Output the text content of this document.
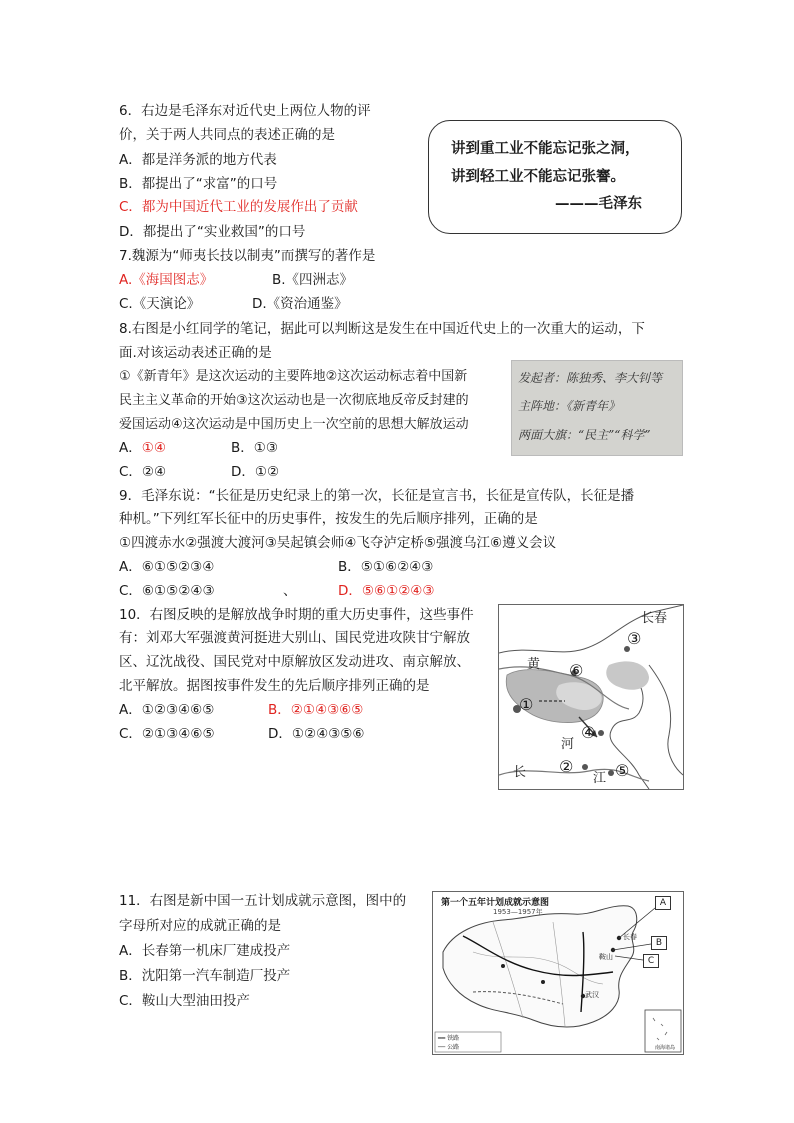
6．右边是毛泽东对近代史上两位人物的评
价，关于两人共同点的表述正确的是
A．都是洋务派的地方代表
B．都提出了“求富”的口号
C．都为中国近代工业的发展作出了贡献
D．都提出了“实业救国”的口号
讲到重工业不能忘记张之洞，
讲到轻工业不能忘记张謇。
———毛泽东
7.魏源为“师夷长技以制夷”而撰写的著作是
A.《海国图志》	B.《四洲志》
C.《天演论》	D.《资治通鉴》
8.右图是小红同学的笔记，据此可以判断这是发生在中国近代史上的一次重大的运动，下
面.对该运动表述正确的是
①《新青年》是这次运动的主要阵地②这次运动标志着中国新
民主主义革命的开始③这次运动也是一次彻底地反帝反封建的
爱国运动④这次运动是中国历史上一次空前的思想大解放运动
A．①④	B．①③
C．②④	D．①②
发起者：陈独秀、李大钊等
主阵地：《新青年》
两面大旗：“民主”“科学”
9．毛泽东说：“长征是历史纪录上的第一次，长征是宣言书，长征是宣传队，长征是播
种机。”下列红军长征中的历史事件，按发生的先后顺序排列，正确的是
①四渡赤水②强渡大渡河③吴起镇会师④飞夺泸定桥⑤强渡乌江⑥遵义会议
A．⑥①⑤②③④	B．⑤①⑥②④③
C．⑥①⑤②④③	、	D．⑤⑥①②④③
10．右图反映的是解放战争时期的重大历史事件，这些事件
有：刘邓大军强渡黄河挺进大别山、国民党进攻陕甘宁解放
区、辽沈战役、国民党对中原解放区发动进攻、南京解放、
北平解放。据图按事件发生的先后顺序排列正确的是
A．①②③④⑥⑤	B．②①④③⑥⑤
C．②①③④⑥⑤	D．①②④③⑤⑥
长春
黄
河
长	江
①
②
③
④
⑤
⑥
11．右图是新中国一五计划成就示意图，图中的
字母所对应的成就正确的是
A．长春第一机床厂建成投产
B．沈阳第一汽车制造厂投产
C．鞍山大型油田投产
第一个五年计划成就示意图
1953—1957年
A
B
C
长春
鞍山
武汉
━━ 铁路
── 公路	南海诸岛
